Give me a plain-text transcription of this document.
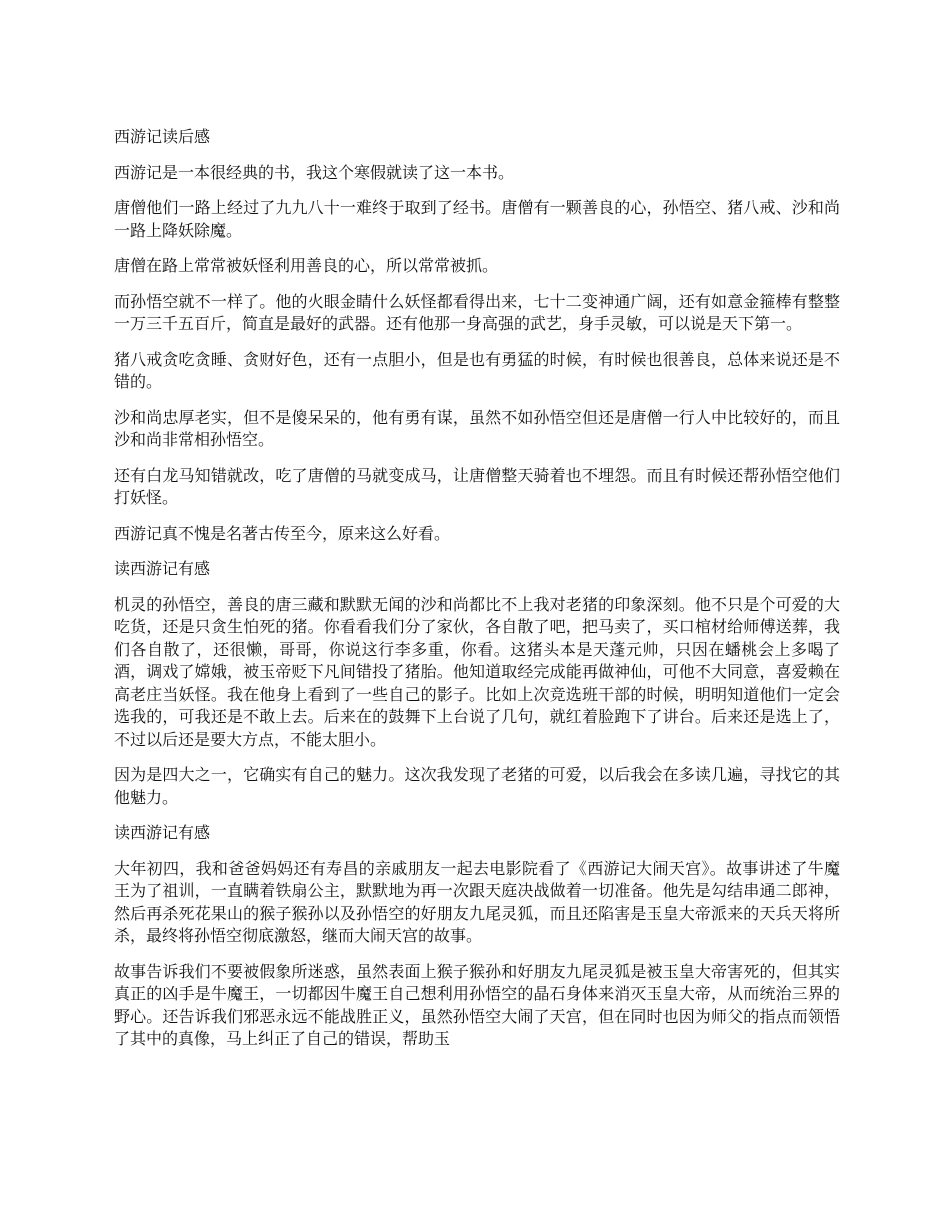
西游记读后感

西游记是一本很经典的书，我这个寒假就读了这一本书。

唐僧他们一路上经过了九九八十一难终于取到了经书。唐僧有一颗善良的心，孙悟空、猪八戒、沙和尚一路上降妖除魔。

唐僧在路上常常被妖怪利用善良的心，所以常常被抓。

而孙悟空就不一样了。他的火眼金睛什么妖怪都看得出来，七十二变神通广阔，还有如意金箍棒有整整一万三千五百斤，简直是最好的武器。还有他那一身高强的武艺，身手灵敏，可以说是天下第一。

猪八戒贪吃贪睡、贪财好色，还有一点胆小，但是也有勇猛的时候，有时候也很善良，总体来说还是不错的。

沙和尚忠厚老实，但不是傻呆呆的，他有勇有谋，虽然不如孙悟空但还是唐僧一行人中比较好的，而且沙和尚非常相孙悟空。

还有白龙马知错就改，吃了唐僧的马就变成马，让唐僧整天骑着也不埋怨。而且有时候还帮孙悟空他们打妖怪。

西游记真不愧是名著古传至今，原来这么好看。

读西游记有感

机灵的孙悟空，善良的唐三藏和默默无闻的沙和尚都比不上我对老猪的印象深刻。他不只是个可爱的大吃货，还是只贪生怕死的猪。你看看我们分了家伙，各自散了吧，把马卖了，买口棺材给师傅送葬，我们各自散了，还很懒，哥哥，你说这行李多重，你看。这猪头本是天蓬元帅，只因在蟠桃会上多喝了酒，调戏了嫦娥，被玉帝贬下凡间错投了猪胎。他知道取经完成能再做神仙，可他不大同意，喜爱赖在高老庄当妖怪。我在他身上看到了一些自己的影子。比如上次竞选班干部的时候，明明知道他们一定会选我的，可我还是不敢上去。后来在的鼓舞下上台说了几句，就红着脸跑下了讲台。后来还是选上了，不过以后还是要大方点，不能太胆小。

因为是四大之一，它确实有自己的魅力。这次我发现了老猪的可爱，以后我会在多读几遍，寻找它的其他魅力。

读西游记有感

大年初四，我和爸爸妈妈还有寿昌的亲戚朋友一起去电影院看了《西游记大闹天宫》。故事讲述了牛魔王为了祖训，一直瞒着铁扇公主，默默地为再一次跟天庭决战做着一切准备。他先是勾结串通二郎神，然后再杀死花果山的猴子猴孙以及孙悟空的好朋友九尾灵狐，而且还陷害是玉皇大帝派来的天兵天将所杀，最终将孙悟空彻底激怒，继而大闹天宫的故事。

故事告诉我们不要被假象所迷惑，虽然表面上猴子猴孙和好朋友九尾灵狐是被玉皇大帝害死的，但其实真正的凶手是牛魔王，一切都因牛魔王自己想利用孙悟空的晶石身体来消灭玉皇大帝，从而统治三界的野心。还告诉我们邪恶永远不能战胜正义，虽然孙悟空大闹了天宫，但在同时也因为师父的指点而领悟了其中的真像，马上纠正了自己的错误，帮助玉
